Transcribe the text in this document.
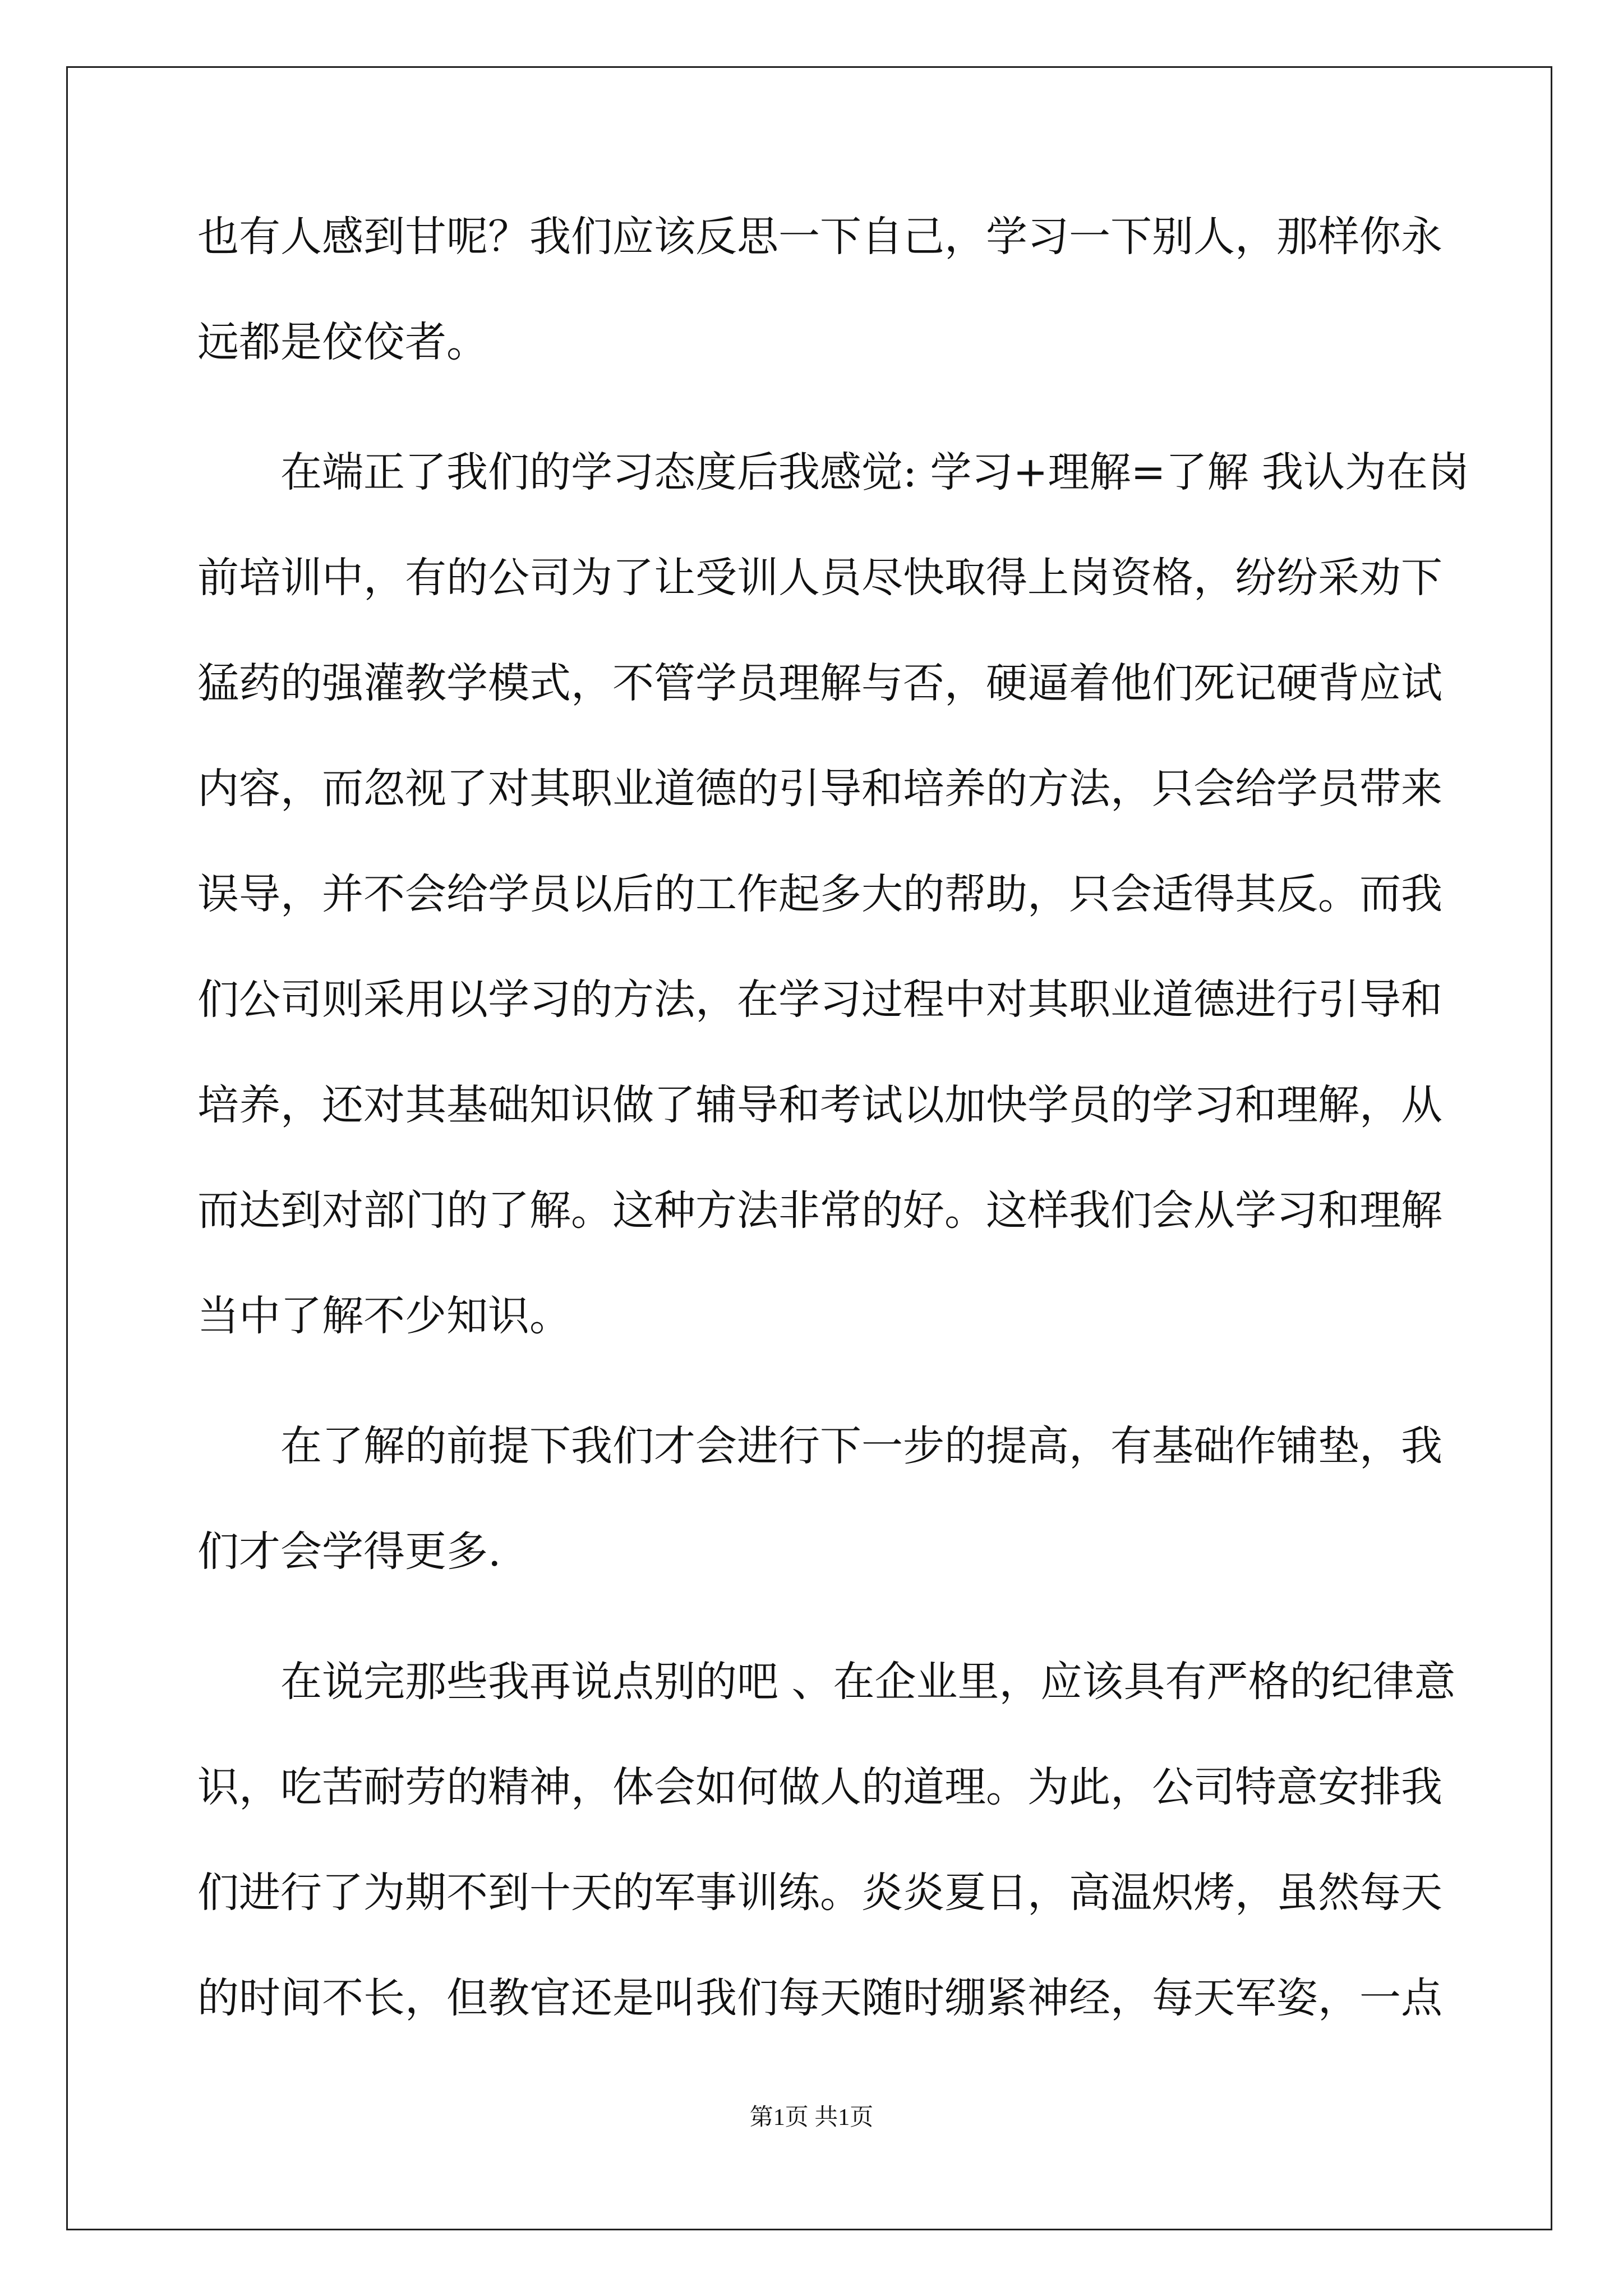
也有人感到甘呢？我们应该反思一下自己，学习一下别人，那样你永
远都是佼佼者。
　　在端正了我们的学习态度后我感觉: 学习+理解=了解 我认为在岗
前培训中，有的公司为了让受训人员尽快取得上岗资格，纷纷采劝下
猛药的强灌教学模式，不管学员理解与否，硬逼着他们死记硬背应试
内容，而忽视了对其职业道德的引导和培养的方法，只会给学员带来
误导，并不会给学员以后的工作起多大的帮助，只会适得其反。而我
们公司则采用以学习的方法，在学习过程中对其职业道德进行引导和
培养，还对其基础知识做了辅导和考试以加快学员的学习和理解，从
而达到对部门的了解。这种方法非常的好。这样我们会从学习和理解
当中了解不少知识。
　　在了解的前提下我们才会进行下一步的提高，有基础作铺垫，我
们才会学得更多.
　　在说完那些我再说点别的吧 、在企业里，应该具有严格的纪律意
识，吃苦耐劳的精神，体会如何做人的道理。为此，公司特意安排我
们进行了为期不到十天的军事训练。炎炎夏日，高温炽烤，虽然每天
的时间不长，但教官还是叫我们每天随时绷紧神经，每天军姿，一点
第1页 共1页
